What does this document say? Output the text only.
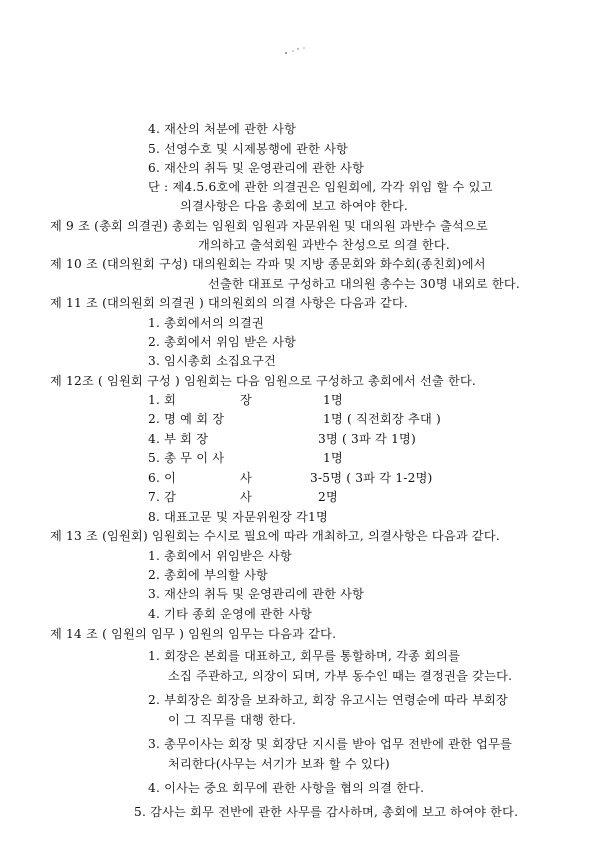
4. 재산의 처분에 관한 사항
5. 선영수호 및 시제봉행에 관한 사항
6. 재산의 취득 및 운영관리에 관한 사항
단 : 제4.5.6호에 관한 의결권은 임원회에, 각각 위임 할 수 있고
의결사항은 다음 총회에 보고 하여야 한다.
제 9 조 (총회 의결권) 총회는 임원회 임원과 자문위원 및 대의원 과반수 출석으로
개의하고 출석회원 과반수 찬성으로 의결 한다.
제 10 조 (대의원회 구성) 대의원회는 각파 및 지방 종문회와 화수회(종친회)에서
선출한 대표로 구성하고 대의원 총수는 30명 내외로 한다.
제 11 조 (대의원회 의결권 ) 대의원회의 의결 사항은 다음과 같다.
1. 총회에서의 의결권
2. 총회에서 위임 받은 사항
3. 임시총회 소집요구건
제 12조 ( 임원회 구성 ) 임원회는 다음 임원으로 구성하고 총회에서 선출 한다.
1. 회	장	1명
2. 명 예 회 장	1명 ( 직전회장 추대 )
4. 부 회 장	3명 ( 3파 각 1명)
5. 총 무 이 사	1명
6. 이	사	3-5명 ( 3파 각 1-2명)
7. 감	사	2명
8. 대표고문 및 자문위원장 각1명
제 13 조 (임원회) 임원회는 수시로 필요에 따라 개최하고, 의결사항은 다음과 같다.
1. 총회에서 위임받은 사항
2. 총회에 부의할 사항
3. 재산의 취득 및 운영관리에 관한 사항
4. 기타 종회 운영에 관한 사항
제 14 조 ( 임원의 임무 ) 임원의 임무는 다음과 같다.
1. 회장은 본회를 대표하고, 회무를 통할하며, 각종 회의를
소집 주관하고, 의장이 되며, 가부 동수인 때는 결정권을 갖는다.
2. 부회장은 회장을 보좌하고, 회장 유고시는 연령순에 따라 부회장
이 그 직무를 대행 한다.
3. 총무이사는 회장 및 회장단 지시를 받아 업무 전반에 관한 업무를
처리한다(사무는 서기가 보좌 할 수 있다)
4. 이사는 중요 회무에 관한 사항을 협의 의결 한다.
5. 감사는 회무 전반에 관한 사무를 감사하며, 총회에 보고 하여야 한다.
